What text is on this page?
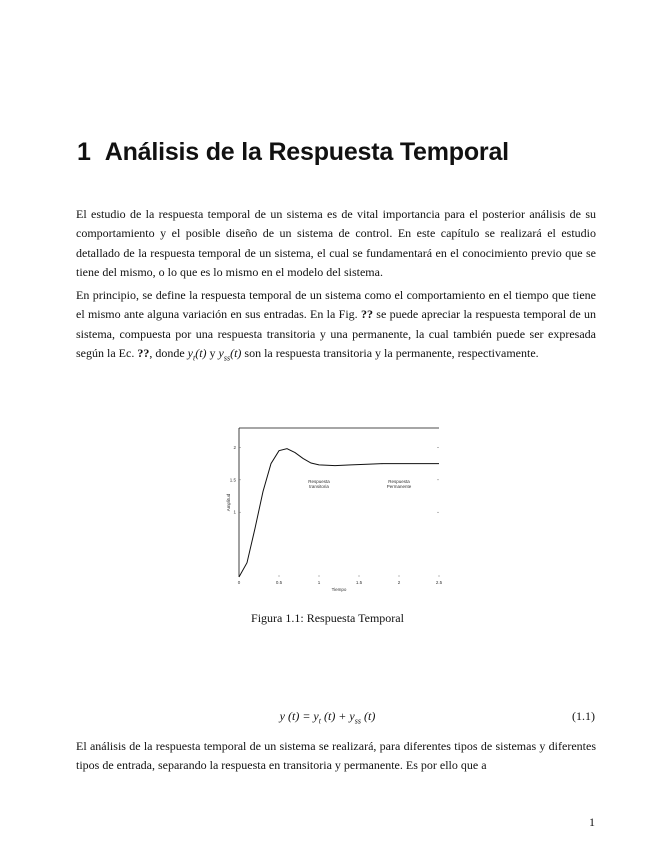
1 Análisis de la Respuesta Temporal
El estudio de la respuesta temporal de un sistema es de vital importancia para el posterior análisis de su comportamiento y el posible diseño de un sistema de control. En este capítulo se realizará el estudio detallado de la respuesta temporal de un sistema, el cual se fundamentará en el conocimiento previo que se tiene del mismo, o lo que es lo mismo en el modelo del sistema.
En principio, se define la respuesta temporal de un sistema como el comportamiento en el tiempo que tiene el mismo ante alguna variación en sus entradas. En la Fig. ?? se puede apreciar la respuesta temporal de un sistema, compuesta por una respuesta transitoria y una permanente, la cual también puede ser expresada según la Ec. ??, donde $y_t(t)$ y $y_{ss}(t)$ son la respuesta transitoria y la permanente, respectivamente.
0	0.5	1	1.5	2	2.5
1
1.5
2
Tiempo
Amplitud
Respuesta
transitoria
Respuesta
Permanente
Figura 1.1: Respuesta Temporal
y $(t) = y_t$ $(t) + y_{ss}$ (t)	(1.1)
El análisis de la respuesta temporal de un sistema se realizará, para diferentes tipos de sistemas y diferentes tipos de entrada, separando la respuesta en transitoria y permanente. Es por ello que a
1
